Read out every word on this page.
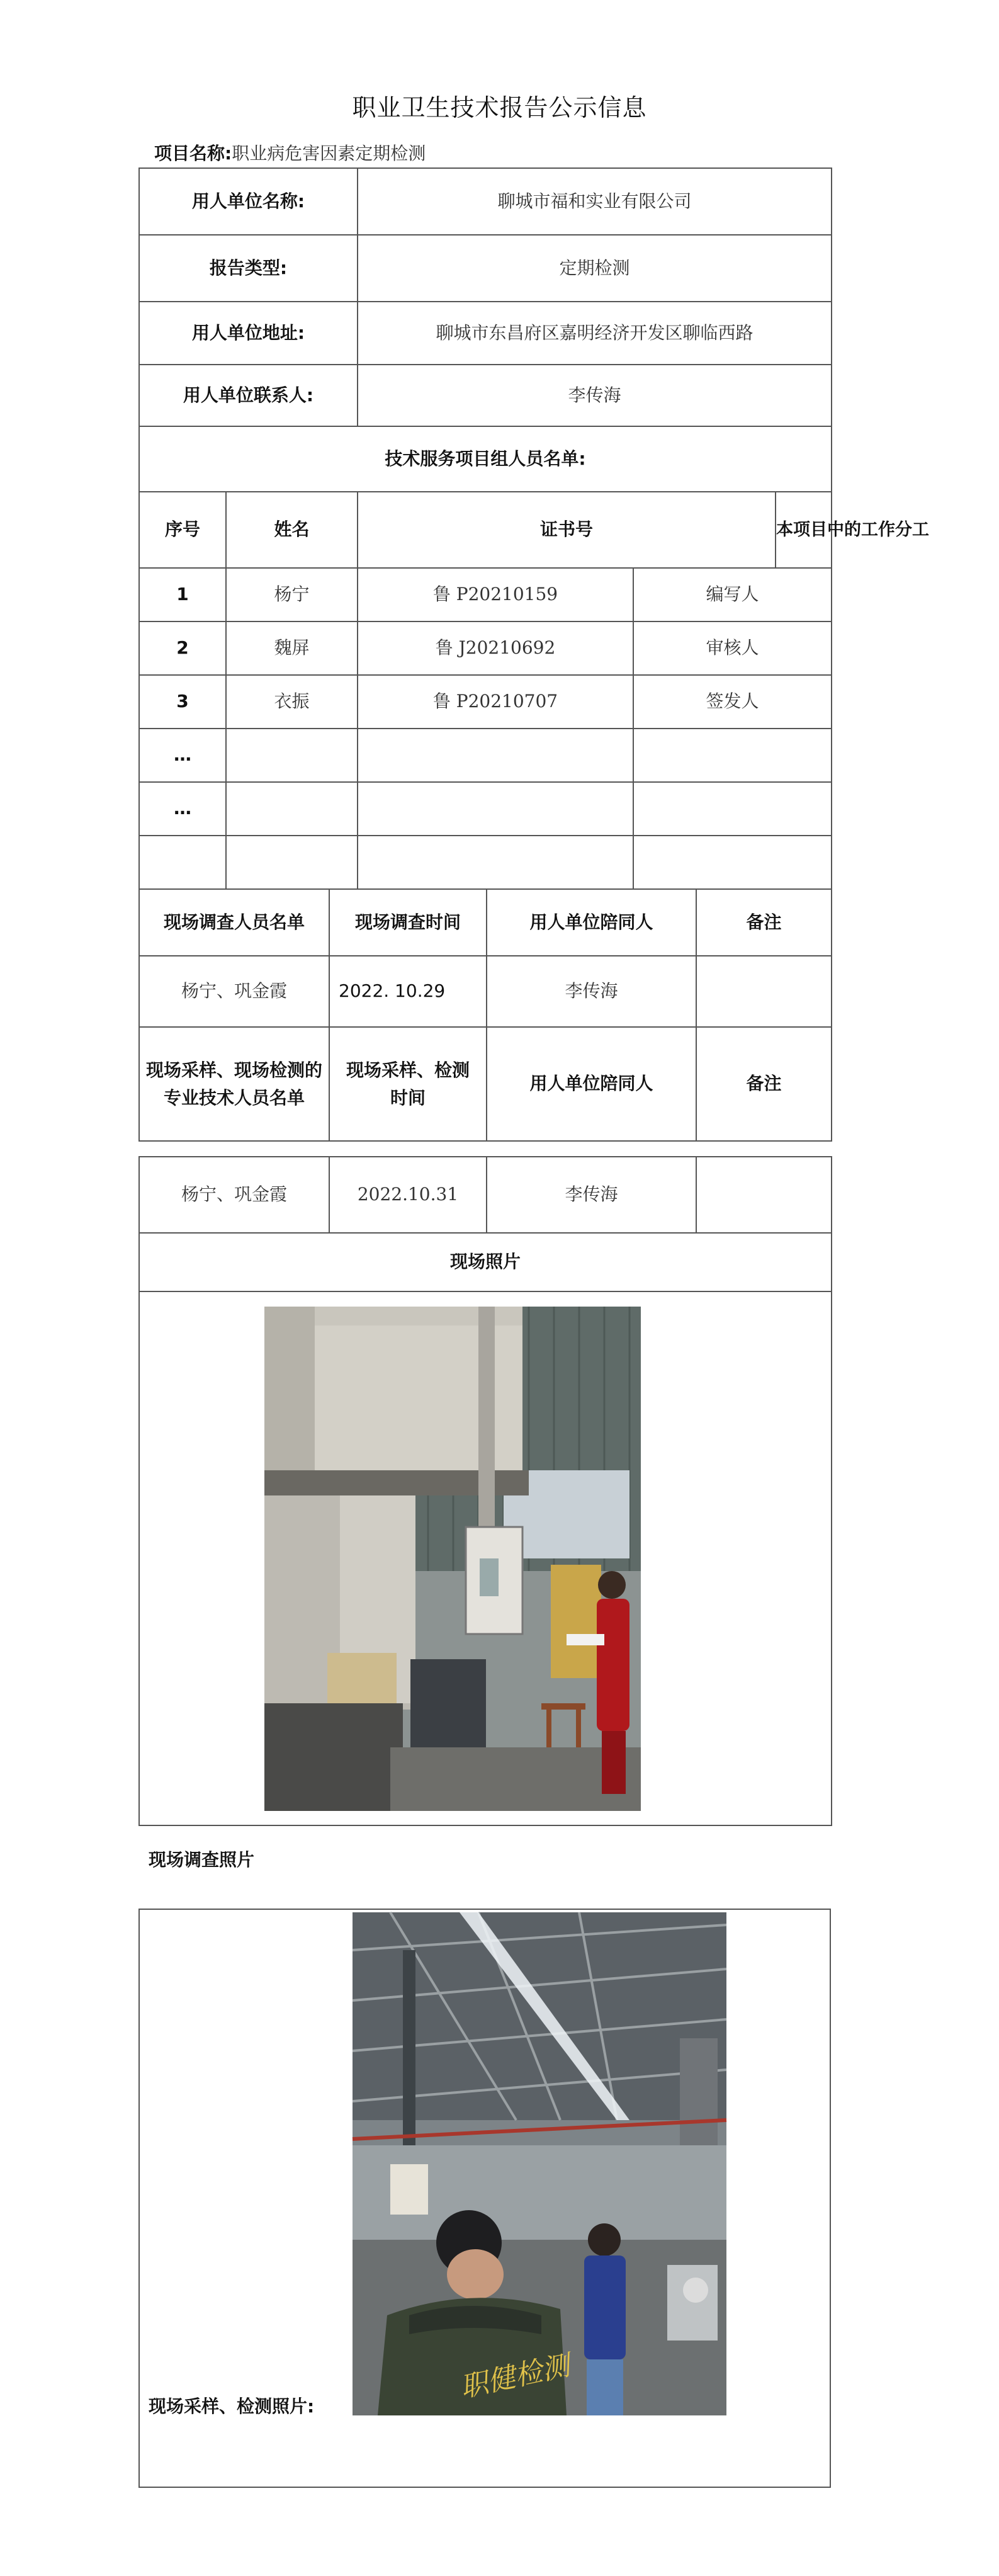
职业卫生技术报告公示信息
项目名称:职业病危害因素定期检测
用人单位名称:		聊城市福和实业有限公司	
报告类型:		定期检测	
用人单位地址:		聊城市东昌府区嘉明经济开发区聊临西路	
用人单位联系人:		李传海	
技术服务项目组人员名单:			
序号	姓名	证书号	本项目中的工作分工
1	杨宁	鲁 P20210159	编写人
2	魏屏	鲁 J20210692	审核人
3	衣振	鲁 P20210707	签发人
…			
…			

现场调查人员名单	现场调查时间	用人单位陪同人	备注
杨宁、巩金霞	2022. 10.29	李传海	
现场采样、现场检测的专业技术人员名单	现场采样、检测时间	用人单位陪同人	备注
杨宁、巩金霞	2022.10.31	李传海	
现场照片

现场调查照片
职健检测
现场采样、检测照片:
